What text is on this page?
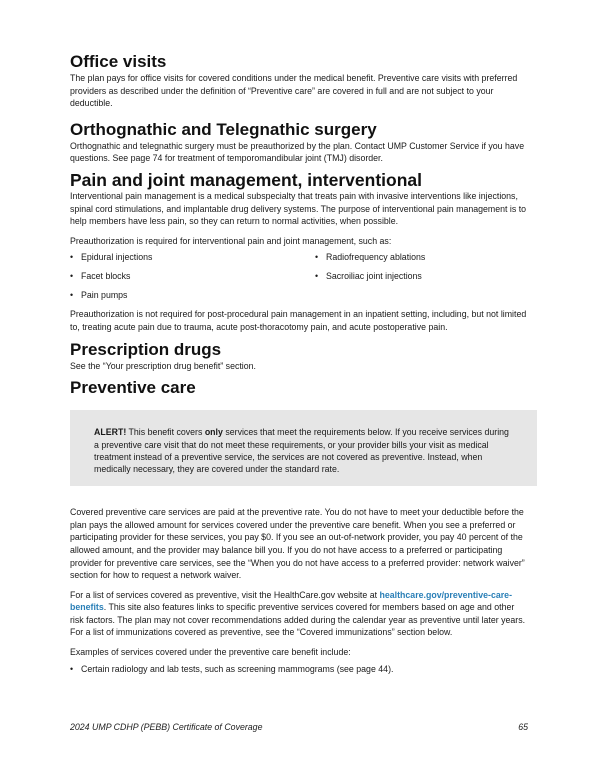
Office visits

The plan pays for office visits for covered conditions under the medical benefit. Preventive care visits with preferred providers as described under the definition of “Preventive care” are covered in full and are not subject to your deductible.

Orthognathic and Telegnathic surgery

Orthognathic and telegnathic surgery must be preauthorized by the plan. Contact UMP Customer Service if you have questions. See page 74 for treatment of temporomandibular joint (TMJ) disorder.

Pain and joint management, interventional

Interventional pain management is a medical subspecialty that treats pain with invasive interventions like injections, spinal cord stimulations, and implantable drug delivery systems. The purpose of interventional pain management is to help members have less pain, so they can return to normal activities, when possible.

Preauthorization is required for interventional pain and joint management, such as:

• Epidural injections	• Radiofrequency ablations
• Facet blocks	• Sacroiliac joint injections
• Pain pumps

Preauthorization is not required for post-procedural pain management in an inpatient setting, including, but not limited to, treating acute pain due to trauma, acute post-thoracotomy pain, and acute postoperative pain.

Prescription drugs

See the “Your prescription drug benefit” section.

Preventive care

ALERT! This benefit covers only services that meet the requirements below. If you receive services during a preventive care visit that do not meet these requirements, or your provider bills your visit as medical treatment instead of a preventive service, the services are not covered as preventive. Instead, when medically necessary, they are covered under the standard rate.

Covered preventive care services are paid at the preventive rate. You do not have to meet your deductible before the plan pays the allowed amount for services covered under the preventive care benefit. When you see a preferred or participating provider for these services, you pay $0. If you see an out-of-network provider, you pay 40 percent of the allowed amount, and the provider may balance bill you. If you do not have access to a preferred or participating provider for preventive care services, see the “When you do not have access to a preferred provider: network waiver” section for how to request a network waiver.

For a list of services covered as preventive, visit the HealthCare.gov website at healthcare.gov/preventive-care-benefits. This site also features links to specific preventive services covered for members based on age and other risk factors. The plan may not cover recommendations added during the calendar year as preventive until later years. For a list of immunizations covered as preventive, see the “Covered immunizations” section below.

Examples of services covered under the preventive care benefit include:

• Certain radiology and lab tests, such as screening mammograms (see page 44).
2024 UMP CDHP (PEBB) Certificate of Coverage	65
